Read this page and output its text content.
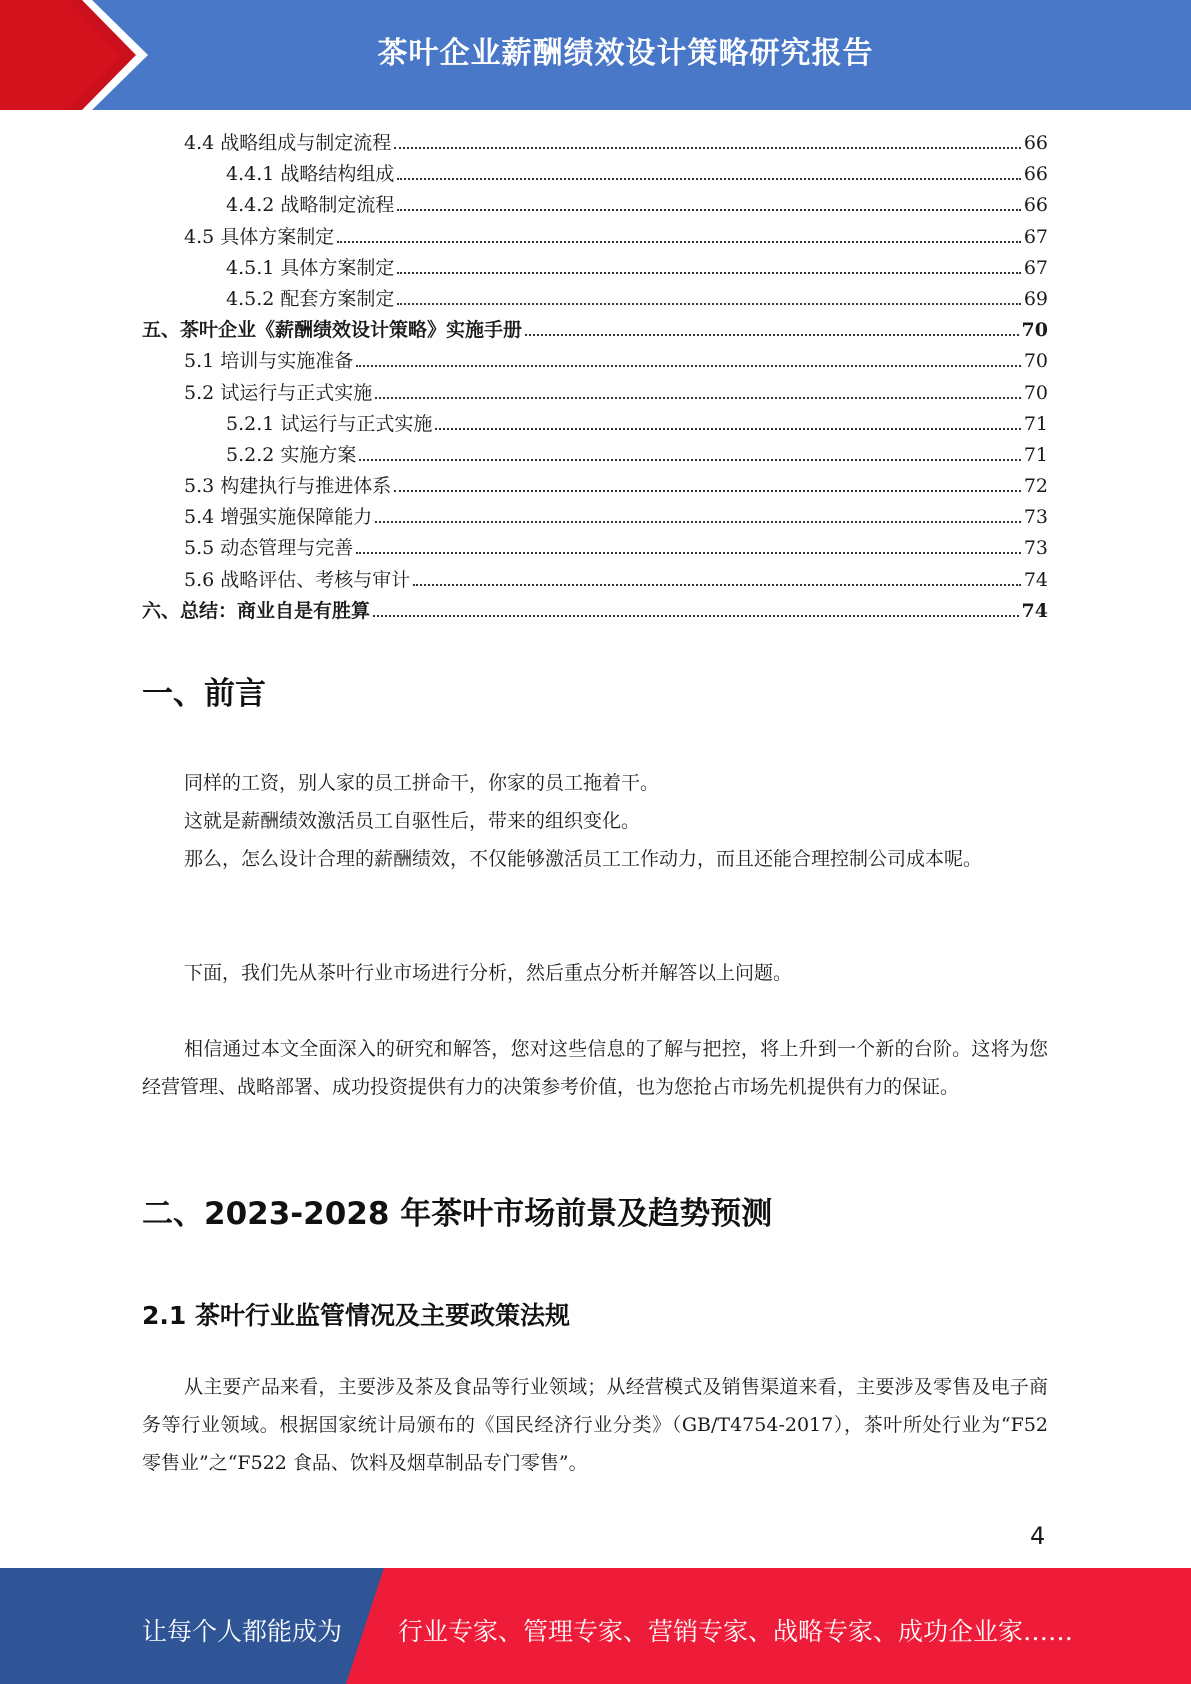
茶叶企业薪酬绩效设计策略研究报告
4.4 战略组成与制定流程	66
4.4.1 战略结构组成	66
4.4.2 战略制定流程	66
4.5 具体方案制定	67
4.5.1 具体方案制定	67
4.5.2 配套方案制定	69
五、茶叶企业《薪酬绩效设计策略》实施手册	70
5.1 培训与实施准备	70
5.2 试运行与正式实施	70
5.2.1 试运行与正式实施	71
5.2.2 实施方案	71
5.3 构建执行与推进体系	72
5.4 增强实施保障能力	73
5.5 动态管理与完善	73
5.6 战略评估、考核与审计	74
六、总结：商业自是有胜算	74
一、前言

同样的工资，别人家的员工拼命干，你家的员工拖着干。

这就是薪酬绩效激活员工自驱性后，带来的组织变化。

那么，怎么设计合理的薪酬绩效，不仅能够激活员工工作动力，而且还能合理控制公司成本呢。

下面，我们先从茶叶行业市场进行分析，然后重点分析并解答以上问题。

相信通过本文全面深入的研究和解答，您对这些信息的了解与把控，将上升到一个新的台阶。这将为您经营管理、战略部署、成功投资提供有力的决策参考价值，也为您抢占市场先机提供有力的保证。

二、2023-2028 年茶叶市场前景及趋势预测
2.1 茶叶行业监管情况及主要政策法规

从主要产品来看，主要涉及茶及食品等行业领域；从经营模式及销售渠道来看，主要涉及零售及电子商务等行业领域。根据国家统计局颁布的《国民经济行业分类》（GB/T4754-2017），茶叶所处行业为“F52 零售业”之“F522 食品、饮料及烟草制品专门零售”。

4
让每个人都能成为 行业专家、管理专家、营销专家、战略专家、成功企业家……
